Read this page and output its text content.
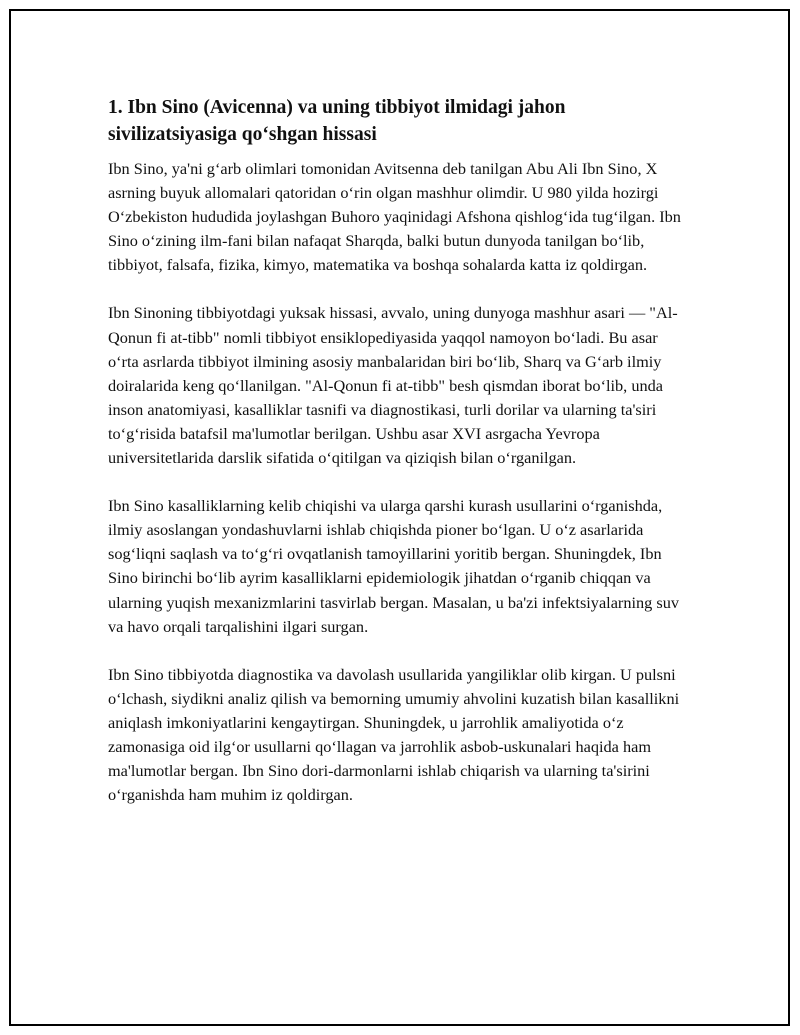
1. Ibn Sino (Avicenna) va uning tibbiyot ilmidagi jahon sivilizatsiyasiga qo‘shgan hissasi

Ibn Sino, ya'ni g‘arb olimlari tomonidan Avitsenna deb tanilgan Abu Ali Ibn Sino, X asrning buyuk allomalari qatoridan o‘rin olgan mashhur olimdir. U 980 yilda hozirgi O‘zbekiston hududida joylashgan Buhoro yaqinidagi Afshona qishlog‘ida tug‘ilgan. Ibn Sino o‘zining ilm-fani bilan nafaqat Sharqda, balki butun dunyoda tanilgan bo‘lib, tibbiyot, falsafa, fizika, kimyo, matematika va boshqa sohalarda katta iz qoldirgan.

Ibn Sinoning tibbiyotdagi yuksak hissasi, avvalo, uning dunyoga mashhur asari — "Al-Qonun fi at-tibb" nomli tibbiyot ensiklopediyasida yaqqol namoyon bo‘ladi. Bu asar o‘rta asrlarda tibbiyot ilmining asosiy manbalaridan biri bo‘lib, Sharq va G‘arb ilmiy doiralarida keng qo‘llanilgan. "Al-Qonun fi at-tibb" besh qismdan iborat bo‘lib, unda inson anatomiyasi, kasalliklar tasnifi va diagnostikasi, turli dorilar va ularning ta'siri to‘g‘risida batafsil ma'lumotlar berilgan. Ushbu asar XVI asrgacha Yevropa universitetlarida darslik sifatida o‘qitilgan va qiziqish bilan o‘rganilgan.

Ibn Sino kasalliklarning kelib chiqishi va ularga qarshi kurash usullarini o‘rganishda, ilmiy asoslangan yondashuvlarni ishlab chiqishda pioner bo‘lgan. U o‘z asarlarida sog‘liqni saqlash va to‘g‘ri ovqatlanish tamoyillarini yoritib bergan. Shuningdek, Ibn Sino birinchi bo‘lib ayrim kasalliklarni epidemiologik jihatdan o‘rganib chiqqan va ularning yuqish mexanizmlarini tasvirlab bergan. Masalan, u ba'zi infektsiyalarning suv va havo orqali tarqalishini ilgari surgan.

Ibn Sino tibbiyotda diagnostika va davolash usullarida yangiliklar olib kirgan. U pulsni o‘lchash, siydikni analiz qilish va bemorning umumiy ahvolini kuzatish bilan kasallikni aniqlash imkoniyatlarini kengaytirgan. Shuningdek, u jarrohlik amaliyotida o‘z zamonasiga oid ilg‘or usullarni qo‘llagan va jarrohlik asbob-uskunalari haqida ham ma'lumotlar bergan. Ibn Sino dori-darmonlarni ishlab chiqarish va ularning ta'sirini o‘rganishda ham muhim iz qoldirgan.
